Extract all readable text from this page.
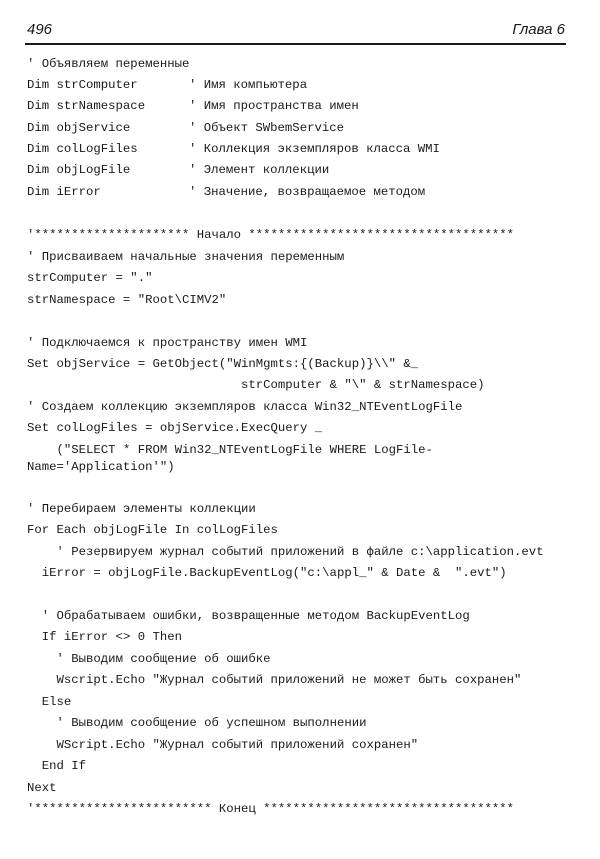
496	Глава 6
' Объявляем переменные
Dim strComputer	' Имя компьютера
Dim strNamespace	' Имя пространства имен
Dim objService	' Объект SWbemService
Dim colLogFiles	' Коллекция экземпляров класса WMI
Dim objLogFile	' Элемент коллекции
Dim iError	' Значение, возвращаемое методом
'********************* Начало ************************************
' Присваиваем начальные значения переменным
strComputer = "."
strNamespace = "Root\CIMV2"
' Подключаемся к пространству имен WMI
Set objService = GetObject("WinMgmts:{(Backup)}\\" &_
strComputer & "\" & strNamespace)
' Создаем коллекцию экземпляров класса Win32_NTEventLogFile
Set colLogFiles = objService.ExecQuery _
("SELECT * FROM Win32_NTEventLogFile WHERE LogFile-
Name='Application'")
' Перебираем элементы коллекции
For Each objLogFile In colLogFiles
' Резервируем журнал событий приложений в файле c:\application.evt
iError = objLogFile.BackupEventLog("c:\appl_" & Date &  ".evt")
' Обрабатываем ошибки, возвращенные методом BackupEventLog
If iError <> 0 Then
' Выводим сообщение об ошибке
Wscript.Echo "Журнал событий приложений не может быть сохранен"
Else
' Выводим сообщение об успешном выполнении
WScript.Echo "Журнал событий приложений сохранен"
End If
Next
'************************ Конец **********************************
